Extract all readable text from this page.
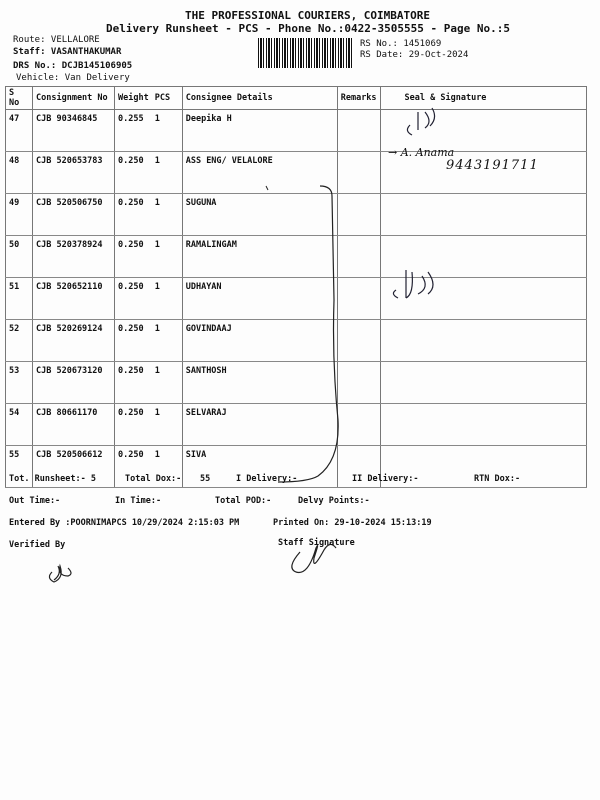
THE PROFESSIONAL COURIERS, COIMBATORE
Delivery Runsheet - PCS - Phone No.:0422-3505555 - Page No.:5
Route: VELLALORE
Staff: VASANTHAKUMAR
DRS No.: DCJB145106905
Vehicle: Van Delivery
RS No.: 1451069
RS Date: 29-Oct-2024
S No	Consignment No	Weight	PCS	Consignee Details	Remarks	Seal & Signature
47	CJB 90346845	0.255	1	Deepika H		
48	CJB 520653783	0.250	1	ASS ENG/ VELALORE		
49	CJB 520506750	0.250	1	SUGUNA		
50	CJB 520378924	0.250	1	RAMALINGAM		
51	CJB 520652110	0.250	1	UDHAYAN		
52	CJB 520269124	0.250	1	GOVINDAAJ		
53	CJB 520673120	0.250	1	SANTHOSH		
54	CJB 80661170	0.250	1	SELVARAJ		
55	CJB 520506612	0.250	1	SIVA		
→ A. Anama
9443191711
Tot. Runsheet:- 5	Total Dox:- 55	I Delivery:-	II Delivery:-	RTN Dox:-
Out Time:-	In Time:-	Total POD:-	Delvy Points:-
Entered By :POORNIMAPCS 10/29/2024 2:15:03 PM	Printed On: 29-10-2024 15:13:19
Verified By	Staff Signature
